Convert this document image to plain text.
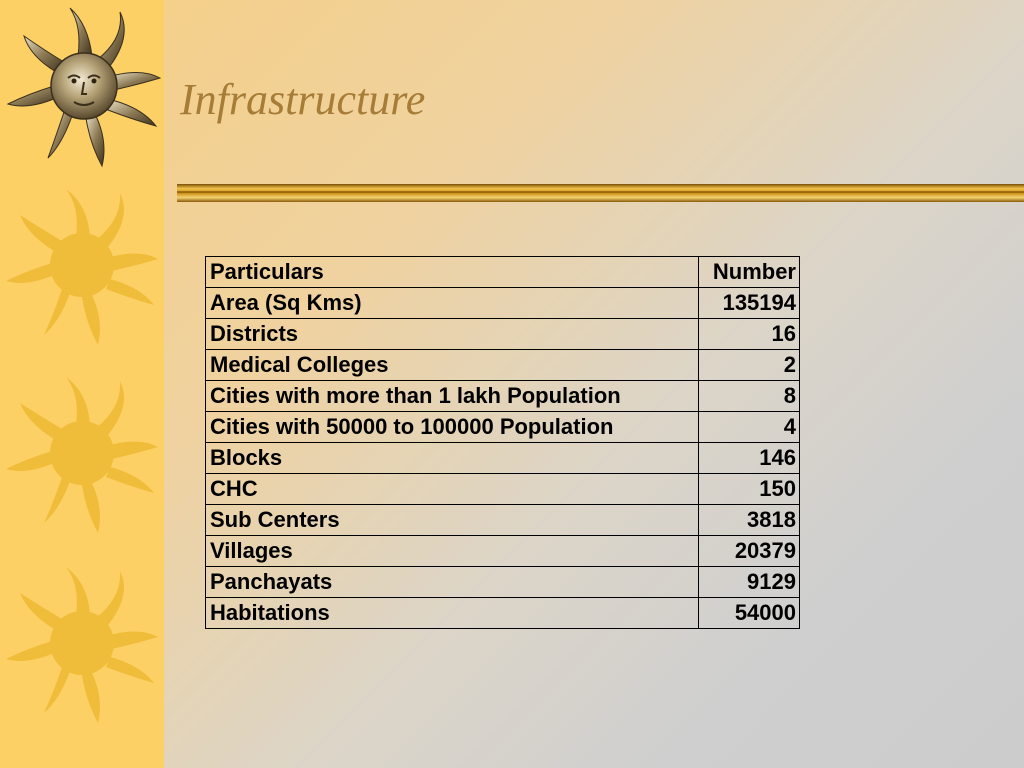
Infrastructure
Particulars	Number
Area (Sq Kms)	135194
Districts	16
Medical Colleges	2
Cities with more than 1 lakh Population	8
Cities with 50000 to 100000 Population	4
Blocks	146
CHC	150
Sub Centers	3818
Villages	20379
Panchayats	9129
Habitations	54000
